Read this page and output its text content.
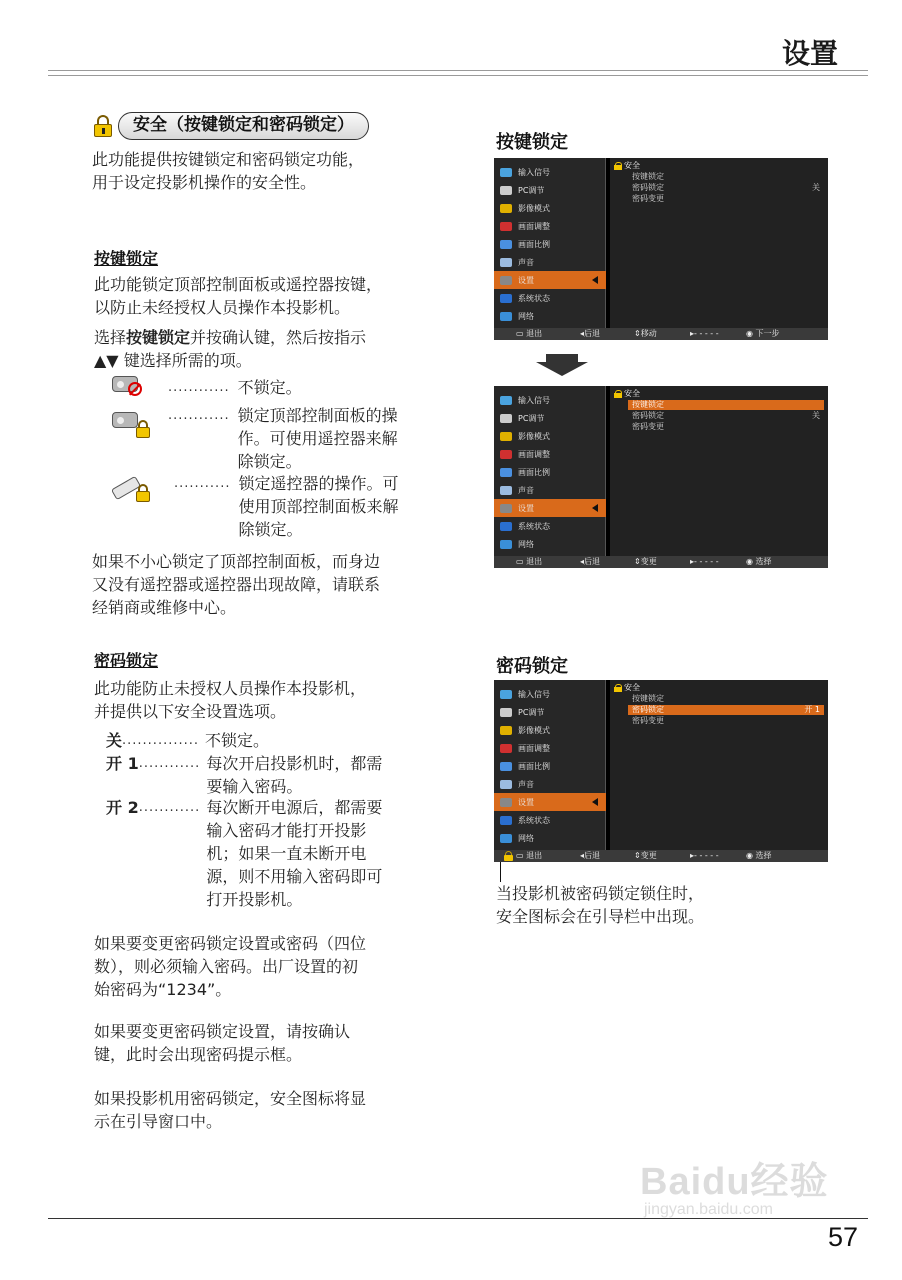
设置
安全（按键锁定和密码锁定）
此功能提供按键锁定和密码锁定功能，
用于设定投影机操作的安全性。
按键锁定
此功能锁定顶部控制面板或遥控器按键，
以防止未经授权人员操作本投影机。
选择按键锁定并按确认键，然后按指示
▲▼ 键选择所需的项。
............ 不锁定。
............ 锁定顶部控制面板的操
作。可使用遥控器来解
除锁定。
........... 锁定遥控器的操作。可
使用顶部控制面板来解
除锁定。
如果不小心锁定了顶部控制面板，而身边
又没有遥控器或遥控器出现故障，请联系
经销商或维修中心。
密码锁定
此功能防止未授权人员操作本投影机，
并提供以下安全设置选项。
关 ............... 不锁定。
开 1 ............ 每次开启投影机时，都需
要输入密码。
开 2 ............ 每次断开电源后，都需要
输入密码才能打开投影
机；如果一直未断开电
源，则不用输入密码即可
打开投影机。
如果要变更密码锁定设置或密码（四位
数），则必须输入密码。出厂设置的初
始密码为“1234”。
如果要变更密码锁定设置，请按确认
键，此时会出现密码提示框。
如果投影机用密码锁定，安全图标将显
示在引导窗口中。
按键锁定
输入信号
PC调节
影像模式
画面调整
画面比例
声音
设置
系统状态
网络
安全
按键锁定
密码锁定	关
密码变更
▭ 退出	◂后退	⇕移动	▸- - - - -	◉ 下一步
输入信号
PC调节
影像模式
画面调整
画面比例
声音
设置
系统状态
网络
安全
按键锁定
密码锁定	关
密码变更
▭ 退出	◂后退	⇕变更	▸- - - - -	◉ 选择
密码锁定
输入信号
PC调节
影像模式
画面调整
画面比例
声音
设置
系统状态
网络
安全
按键锁定
密码锁定	开 1
密码变更
▭ 退出	◂后退	⇕变更	▸- - - - -	◉ 选择
当投影机被密码锁定锁住时，
安全图标会在引导栏中出现。
Baidu经验
jingyan.baidu.com
57
